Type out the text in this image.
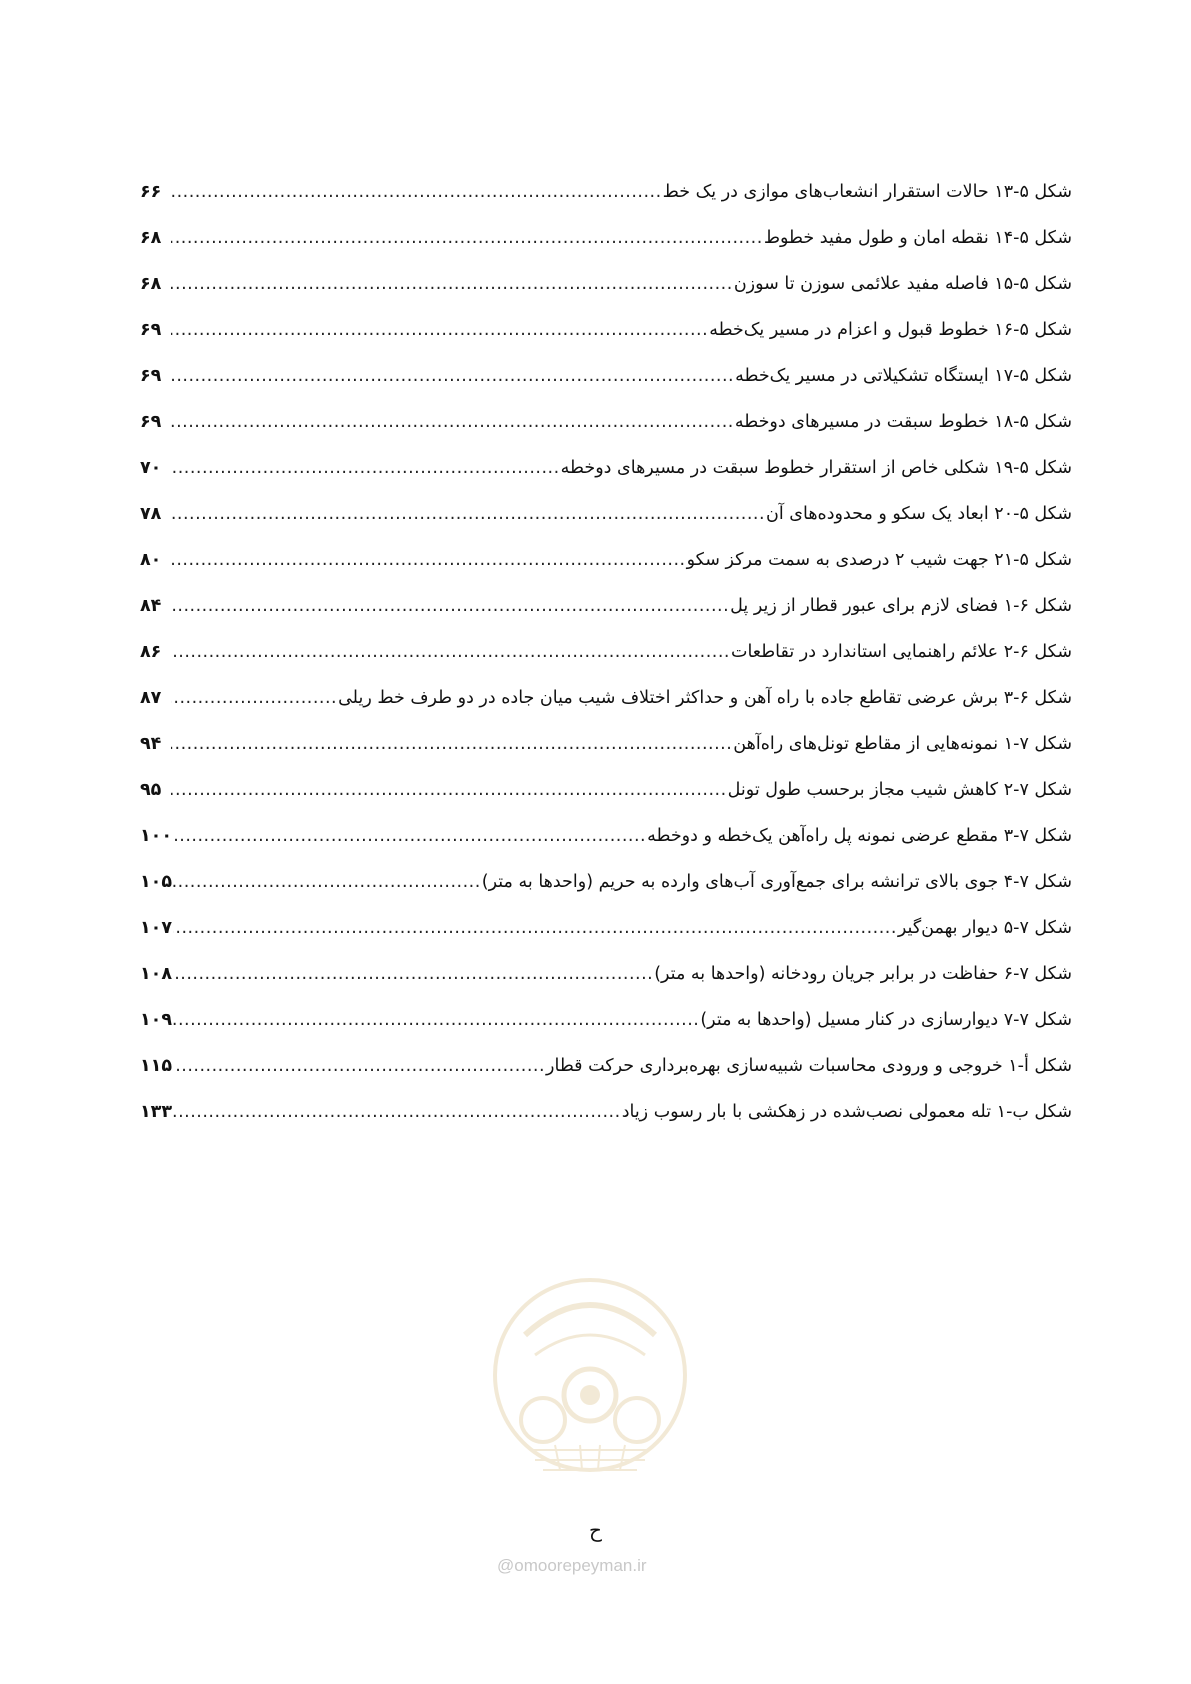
شکل ۵-۱۳ حالات استقرار انشعاب‌های موازی در یک خط
.....
۶۶
شکل ۵-۱۴ نقطه امان و طول مفید خطوط
.....
۶۸
شکل ۵-۱۵ فاصله مفید علائمی سوزن تا سوزن
.....
۶۸
شکل ۵-۱۶ خطوط قبول و اعزام در مسیر یک‌خطه
.....
۶۹
شکل ۵-۱۷ ایستگاه تشکیلاتی در مسیر یک‌خطه
.....
۶۹
شکل ۵-۱۸ خطوط سبقت در مسیرهای دوخطه
.....
۶۹
شکل ۵-۱۹ شکلی خاص از استقرار خطوط سبقت در مسیرهای دوخطه
.....
۷۰
شکل ۵-۲۰ ابعاد یک سکو و محدوده‌های آن
.....
۷۸
شکل ۵-۲۱ جهت شیب ۲ درصدی به سمت مرکز سکو
.....
۸۰
شکل ۶-۱ فضای لازم برای عبور قطار از زیر پل
.....
۸۴
شکل ۶-۲ علائم راهنمایی استاندارد در تقاطعات
.....
۸۶
شکل ۶-۳ برش عرضی تقاطع جاده با راه آهن و حداکثر اختلاف شیب میان جاده در دو طرف خط ریلی
.....
۸۷
شکل ۷-۱ نمونه‌هایی از مقاطع تونل‌های راه‌آهن
.....
۹۴
شکل ۷-۲ کاهش شیب مجاز برحسب طول تونل
.....
۹۵
شکل ۷-۳ مقطع عرضی نمونه پل راه‌آهن یک‌خطه و دوخطه
.....
۱۰۰
شکل ۷-۴ جوی بالای ترانشه برای جمع‌آوری آب‌های وارده به حریم (واحدها به متر)
.....
۱۰۵
شکل ۷-۵ دیوار بهمن‌گیر
.....
۱۰۷
شکل ۷-۶ حفاظت در برابر جریان رودخانه (واحدها به متر)
.....
۱۰۸
شکل ۷-۷ دیوارسازی در کنار مسیل (واحدها به متر)
.....
۱۰۹
شکل أ-۱ خروجی و ورودی محاسبات شبیه‌سازی بهره‌برداری حرکت قطار
.....
۱۱۵
شکل ب-۱ تله معمولی نصب‌شده در زهکشی با بار رسوب زیاد
.....
۱۳۳
ح
@omoorepeyman.ir
